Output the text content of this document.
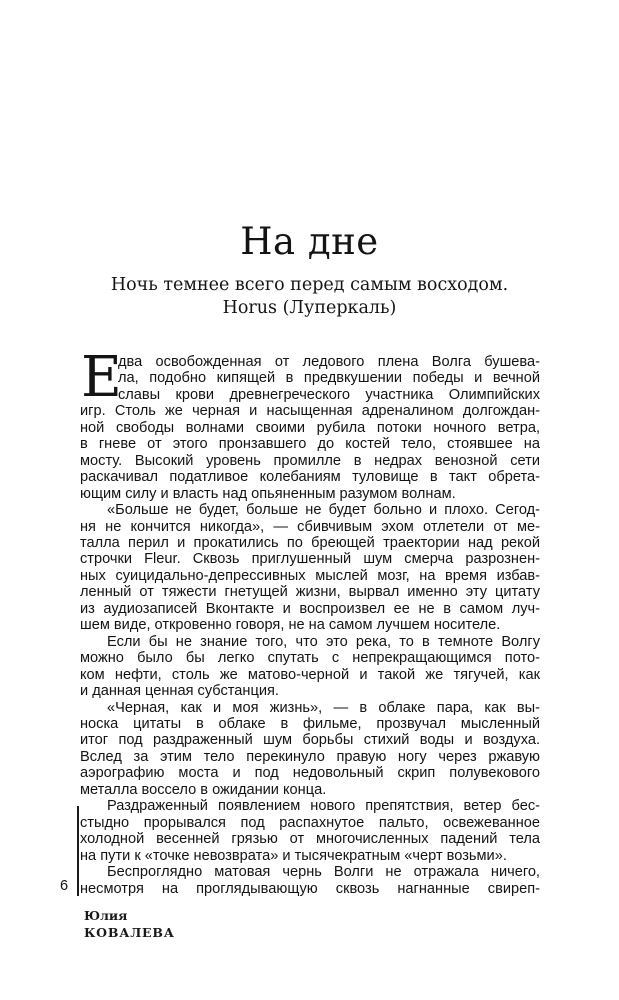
На дне
Ночь темнее всего перед самым восходом.
Horus (Луперкаль)
Е
два освобожденная от ледового плена Волга бушева-
ла, подобно кипящей в предвкушении победы и вечной
славы крови древнегреческого участника Олимпийских
игр. Столь же черная и насыщенная адреналином долгождан-
ной свободы волнами своими рубила потоки ночного ветра,
в гневе от этого пронзавшего до костей тело, стоявшее на
мосту. Высокий уровень промилле в недрах венозной сети
раскачивал податливое колебаниям туловище в такт обрета-
ющим силу и власть над опьяненным разумом волнам.
«Больше не будет, больше не будет больно и плохо. Сегод-
ня не кончится никогда», — сбивчивым эхом отлетели от ме-
талла перил и прокатились по бреющей траектории над рекой
строчки Fleur. Сквозь приглушенный шум смерча разрознен-
ных суицидально-депрессивных мыслей мозг, на время избав-
ленный от тяжести гнетущей жизни, вырвал именно эту цитату
из аудиозаписей Вконтакте и воспроизвел ее не в самом луч-
шем виде, откровенно говоря, не на самом лучшем носителе.
Если бы не знание того, что это река, то в темноте Волгу
можно было бы легко спутать с непрекращающимся пото-
ком нефти, столь же матово-черной и такой же тягучей, как
и данная ценная субстанция.
«Черная, как и моя жизнь», — в облаке пара, как вы-
носка цитаты в облаке в фильме, прозвучал мысленный
итог под раздраженный шум борьбы стихий воды и воздуха.
Вслед за этим тело перекинуло правую ногу через ржавую
аэрографию моста и под недовольный скрип полувекового
металла воссело в ожидании конца.
Раздраженный появлением нового препятствия, ветер бес-
стыдно прорывался под распахнутое пальто, освежеванное
холодной весенней грязью от многочисленных падений тела
на пути к «точке невозврата» и тысячекратным «черт возьми».
Беспроглядно матовая чернь Волги не отражала ничего,
несмотря на проглядывающую сквозь нагнанные свиреп-
6
Юлия
КОВАЛЕВА
